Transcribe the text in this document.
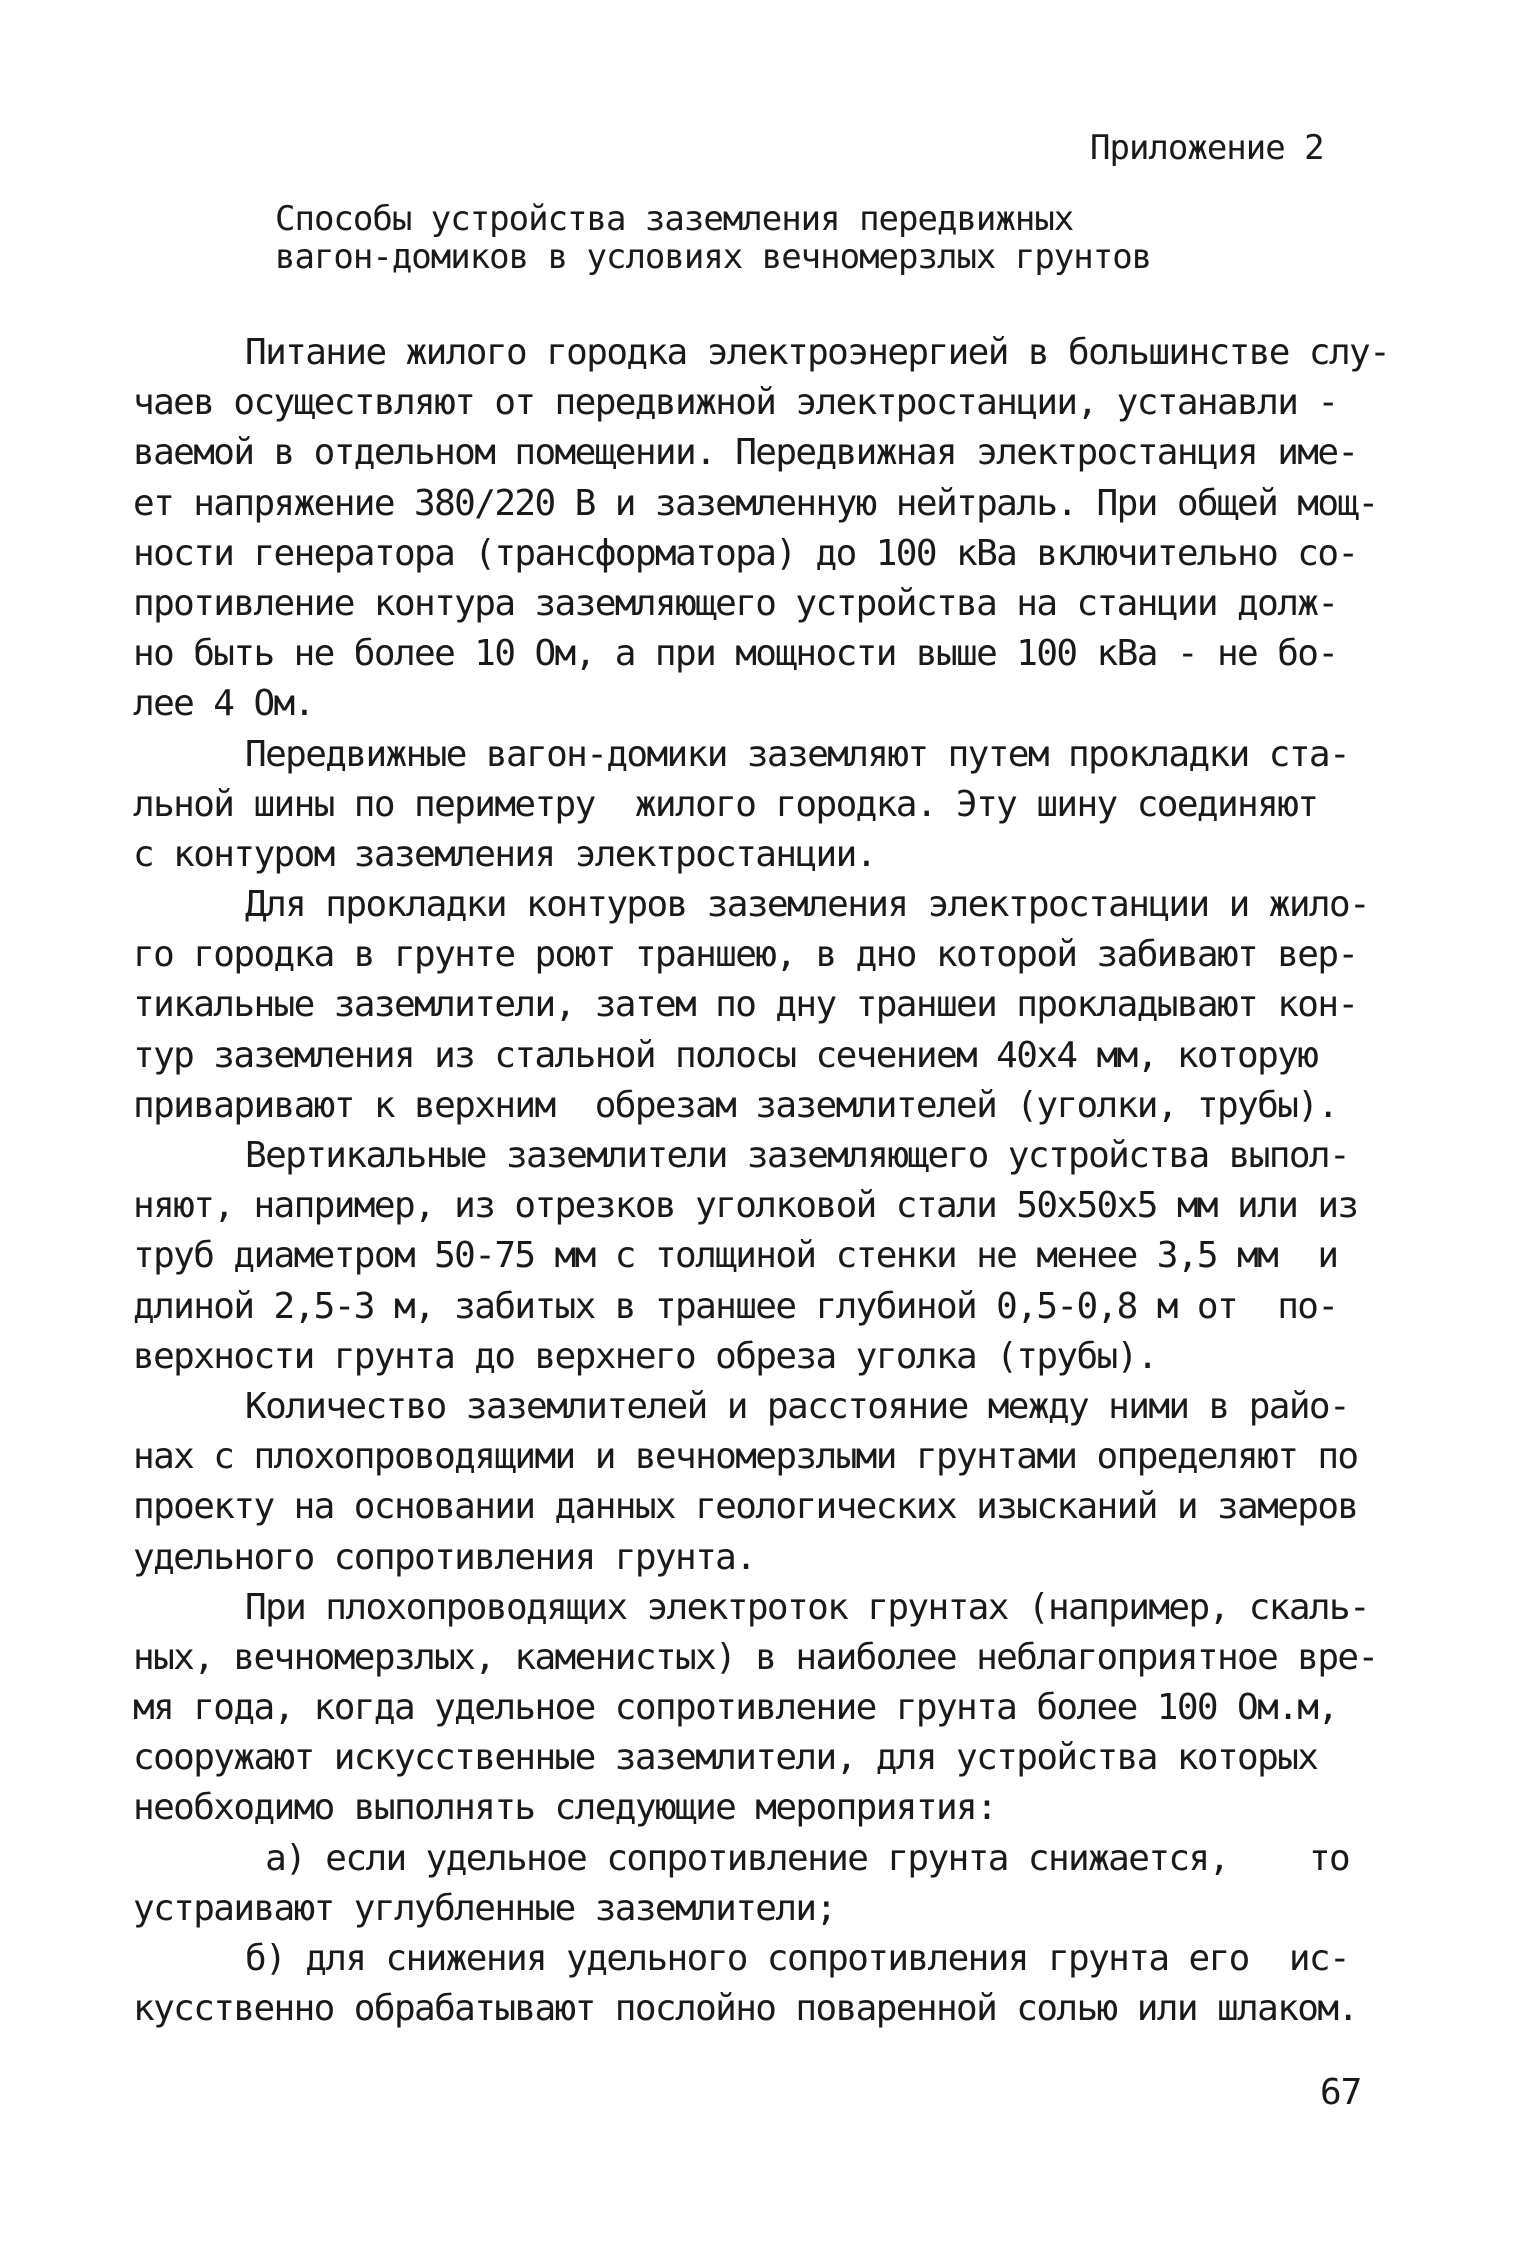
Приложение 2
Способы устройства заземления передвижных
вагон-домиков в условиях вечномерзлых грунтов
Питание жилого городка электроэнергией в большинстве слу-
чаев осуществляют от передвижной электростанции, устанавли -
ваемой в отдельном помещении. Передвижная электростанция име-
ет напряжение 380/220 В и заземленную нейтраль. При общей мощ-
ности генератора (трансформатора) до 100 кВа включительно со-
противление контура заземляющего устройства на станции долж-
но быть не более 10 Ом, а при мощности выше 100 кВа - не бо-
лее 4 Ом.
Передвижные вагон-домики заземляют путем прокладки ста-
льной шины по периметру  жилого городка. Эту шину соединяют
с контуром заземления электростанции.
Для прокладки контуров заземления электростанции и жило-
го городка в грунте роют траншею, в дно которой забивают вер-
тикальные заземлители, затем по дну траншеи прокладывают кон-
тур заземления из стальной полосы сечением 40х4 мм, которую
приваривают к верхним  обрезам заземлителей (уголки, трубы).
Вертикальные заземлители заземляющего устройства выпол-
няют, например, из отрезков уголковой стали 50х50х5 мм или из
труб диаметром 50-75 мм с толщиной стенки не менее 3,5 мм  и
длиной 2,5-3 м, забитых в траншее глубиной 0,5-0,8 м от  по-
верхности грунта до верхнего обреза уголка (трубы).
Количество заземлителей и расстояние между ними в райо-
нах с плохопроводящими и вечномерзлыми грунтами определяют по
проекту на основании данных геологических изысканий и замеров
удельного сопротивления грунта.
При плохопроводящих электроток грунтах (например, скаль-
ных, вечномерзлых, каменистых) в наиболее неблагоприятное вре-
мя года, когда удельное сопротивление грунта более 100 Ом.м,
сооружают искусственные заземлители, для устройства которых
необходимо выполнять следующие мероприятия:
а) если удельное сопротивление грунта снижается,    то
устраивают углубленные заземлители;
б) для снижения удельного сопротивления грунта его  ис-
кусственно обрабатывают послойно поваренной солью или шлаком.
67
